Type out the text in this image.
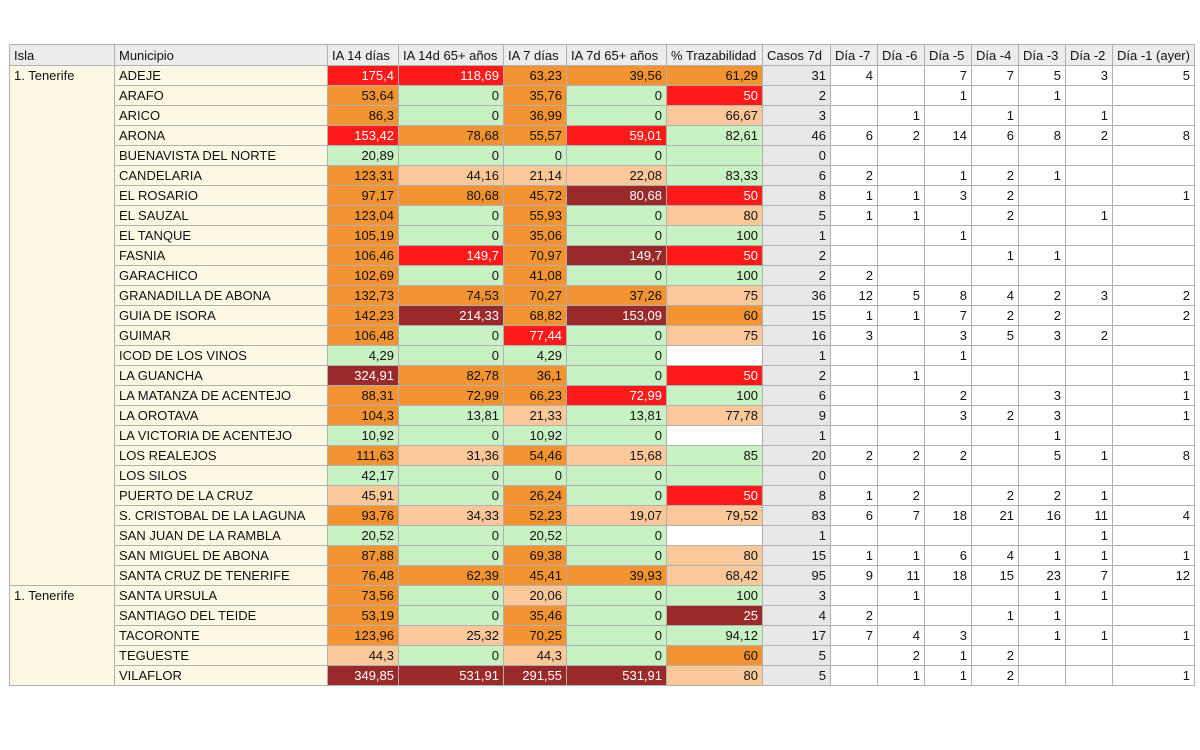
Isla	Municipio	IA 14 días	IA 14d 65+ años	IA 7 días	IA 7d 65+ años	% Trazabilidad	Casos 7d	Día -7	Día -6	Día -5	Día -4	Día -3	Día -2	Día -1 (ayer)
1. Tenerife	ADEJE	175,4	118,69	63,23	39,56	61,29	31	4		7	7	5	3	5
	ARAFO	53,64	0	35,76	0	50	2			1		1		
	ARICO	86,3	0	36,99	0	66,67	3		1		1		1	
	ARONA	153,42	78,68	55,57	59,01	82,61	46	6	2	14	6	8	2	8
	BUENAVISTA DEL NORTE	20,89	0	0	0		0							
	CANDELARIA	123,31	44,16	21,14	22,08	83,33	6	2		1	2	1		
	EL ROSARIO	97,17	80,68	45,72	80,68	50	8	1	1	3	2			1
	EL SAUZAL	123,04	0	55,93	0	80	5	1	1		2		1	
	EL TANQUE	105,19	0	35,06	0	100	1			1				
	FASNIA	106,46	149,7	70,97	149,7	50	2				1	1		
	GARACHICO	102,69	0	41,08	0	100	2	2						
	GRANADILLA DE ABONA	132,73	74,53	70,27	37,26	75	36	12	5	8	4	2	3	2
	GUIA DE ISORA	142,23	214,33	68,82	153,09	60	15	1	1	7	2	2		2
	GUIMAR	106,48	0	77,44	0	75	16	3		3	5	3	2	
	ICOD DE LOS VINOS	4,29	0	4,29	0		1			1				
	LA GUANCHA	324,91	82,78	36,1	0	50	2		1					1
	LA MATANZA DE ACENTEJO	88,31	72,99	66,23	72,99	100	6			2		3		1
	LA OROTAVA	104,3	13,81	21,33	13,81	77,78	9			3	2	3		1
	LA VICTORIA DE ACENTEJO	10,92	0	10,92	0		1					1		
	LOS REALEJOS	111,63	31,36	54,46	15,68	85	20	2	2	2		5	1	8
	LOS SILOS	42,17	0	0	0		0							
	PUERTO DE LA CRUZ	45,91	0	26,24	0	50	8	1	2		2	2	1	
	S. CRISTOBAL DE LA LAGUNA	93,76	34,33	52,23	19,07	79,52	83	6	7	18	21	16	11	4
	SAN JUAN DE LA RAMBLA	20,52	0	20,52	0		1						1	
	SAN MIGUEL DE ABONA	87,88	0	69,38	0	80	15	1	1	6	4	1	1	1
	SANTA CRUZ DE TENERIFE	76,48	62,39	45,41	39,93	68,42	95	9	11	18	15	23	7	12
1. Tenerife	SANTA URSULA	73,56	0	20,06	0	100	3		1			1	1	
	SANTIAGO DEL TEIDE	53,19	0	35,46	0	25	4	2			1	1		
	TACORONTE	123,96	25,32	70,25	0	94,12	17	7	4	3		1	1	1
	TEGUESTE	44,3	0	44,3	0	60	5		2	1	2			
	VILAFLOR	349,85	531,91	291,55	531,91	80	5		1	1	2			1
